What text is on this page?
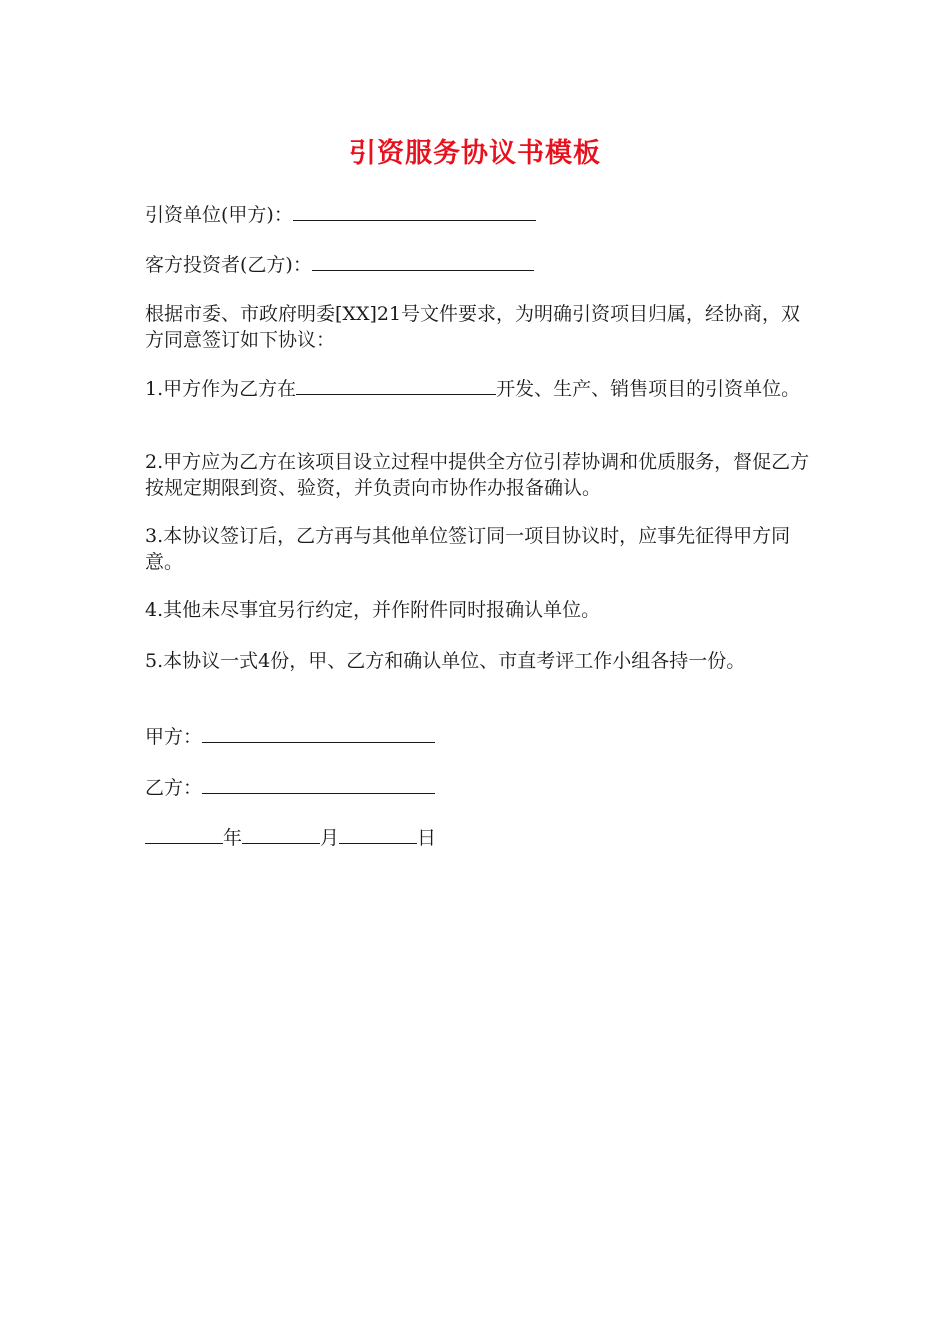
引资服务协议书模板
引资单位(甲方)：
客方投资者(乙方)：
根据市委、市政府明委[XX]21号文件要求，为明确引资项目归属，经协商，双方同意签订如下协议：
1.甲方作为乙方在	开发、生产、销售项目的引资单位。
2.甲方应为乙方在该项目设立过程中提供全方位引荐协调和优质服务，督促乙方按规定期限到资、验资，并负责向市协作办报备确认。
3.本协议签订后，乙方再与其他单位签订同一项目协议时，应事先征得甲方同意。
4.其他未尽事宜另行约定，并作附件同时报确认单位。
5.本协议一式4份，甲、乙方和确认单位、市直考评工作小组各持一份。
甲方：
乙方：
年	月	日
